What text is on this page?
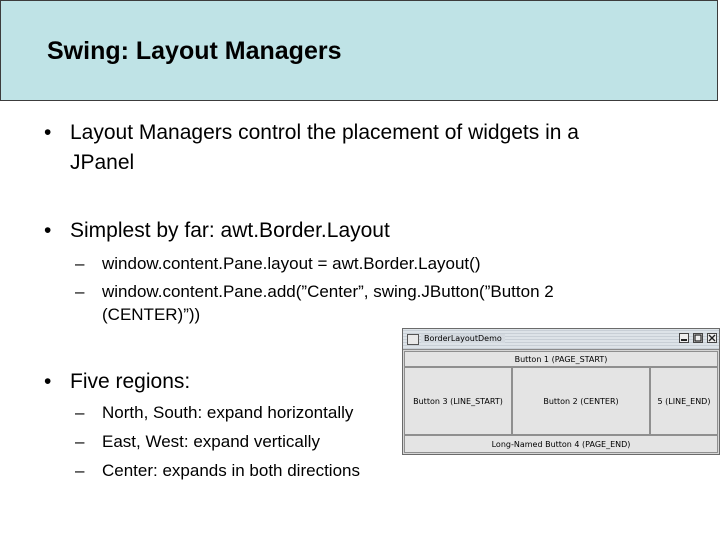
Swing: Layout Managers
• Layout Managers control the placement of widgets in a
JPanel
• Simplest by far: awt.Border.Layout
– window.content.Pane.layout = awt.Border.Layout()
– window.content.Pane.add(”Center”, swing.JButton(”Button 2
(CENTER)”))
• Five regions:
– North, South: expand horizontally
– East, West: expand vertically
– Center: expands in both directions
BorderLayoutDemo
Button 1 (PAGE_START)
Button 3 (LINE_START)	Button 2 (CENTER)	5 (LINE_END)
Long-Named Button 4 (PAGE_END)
